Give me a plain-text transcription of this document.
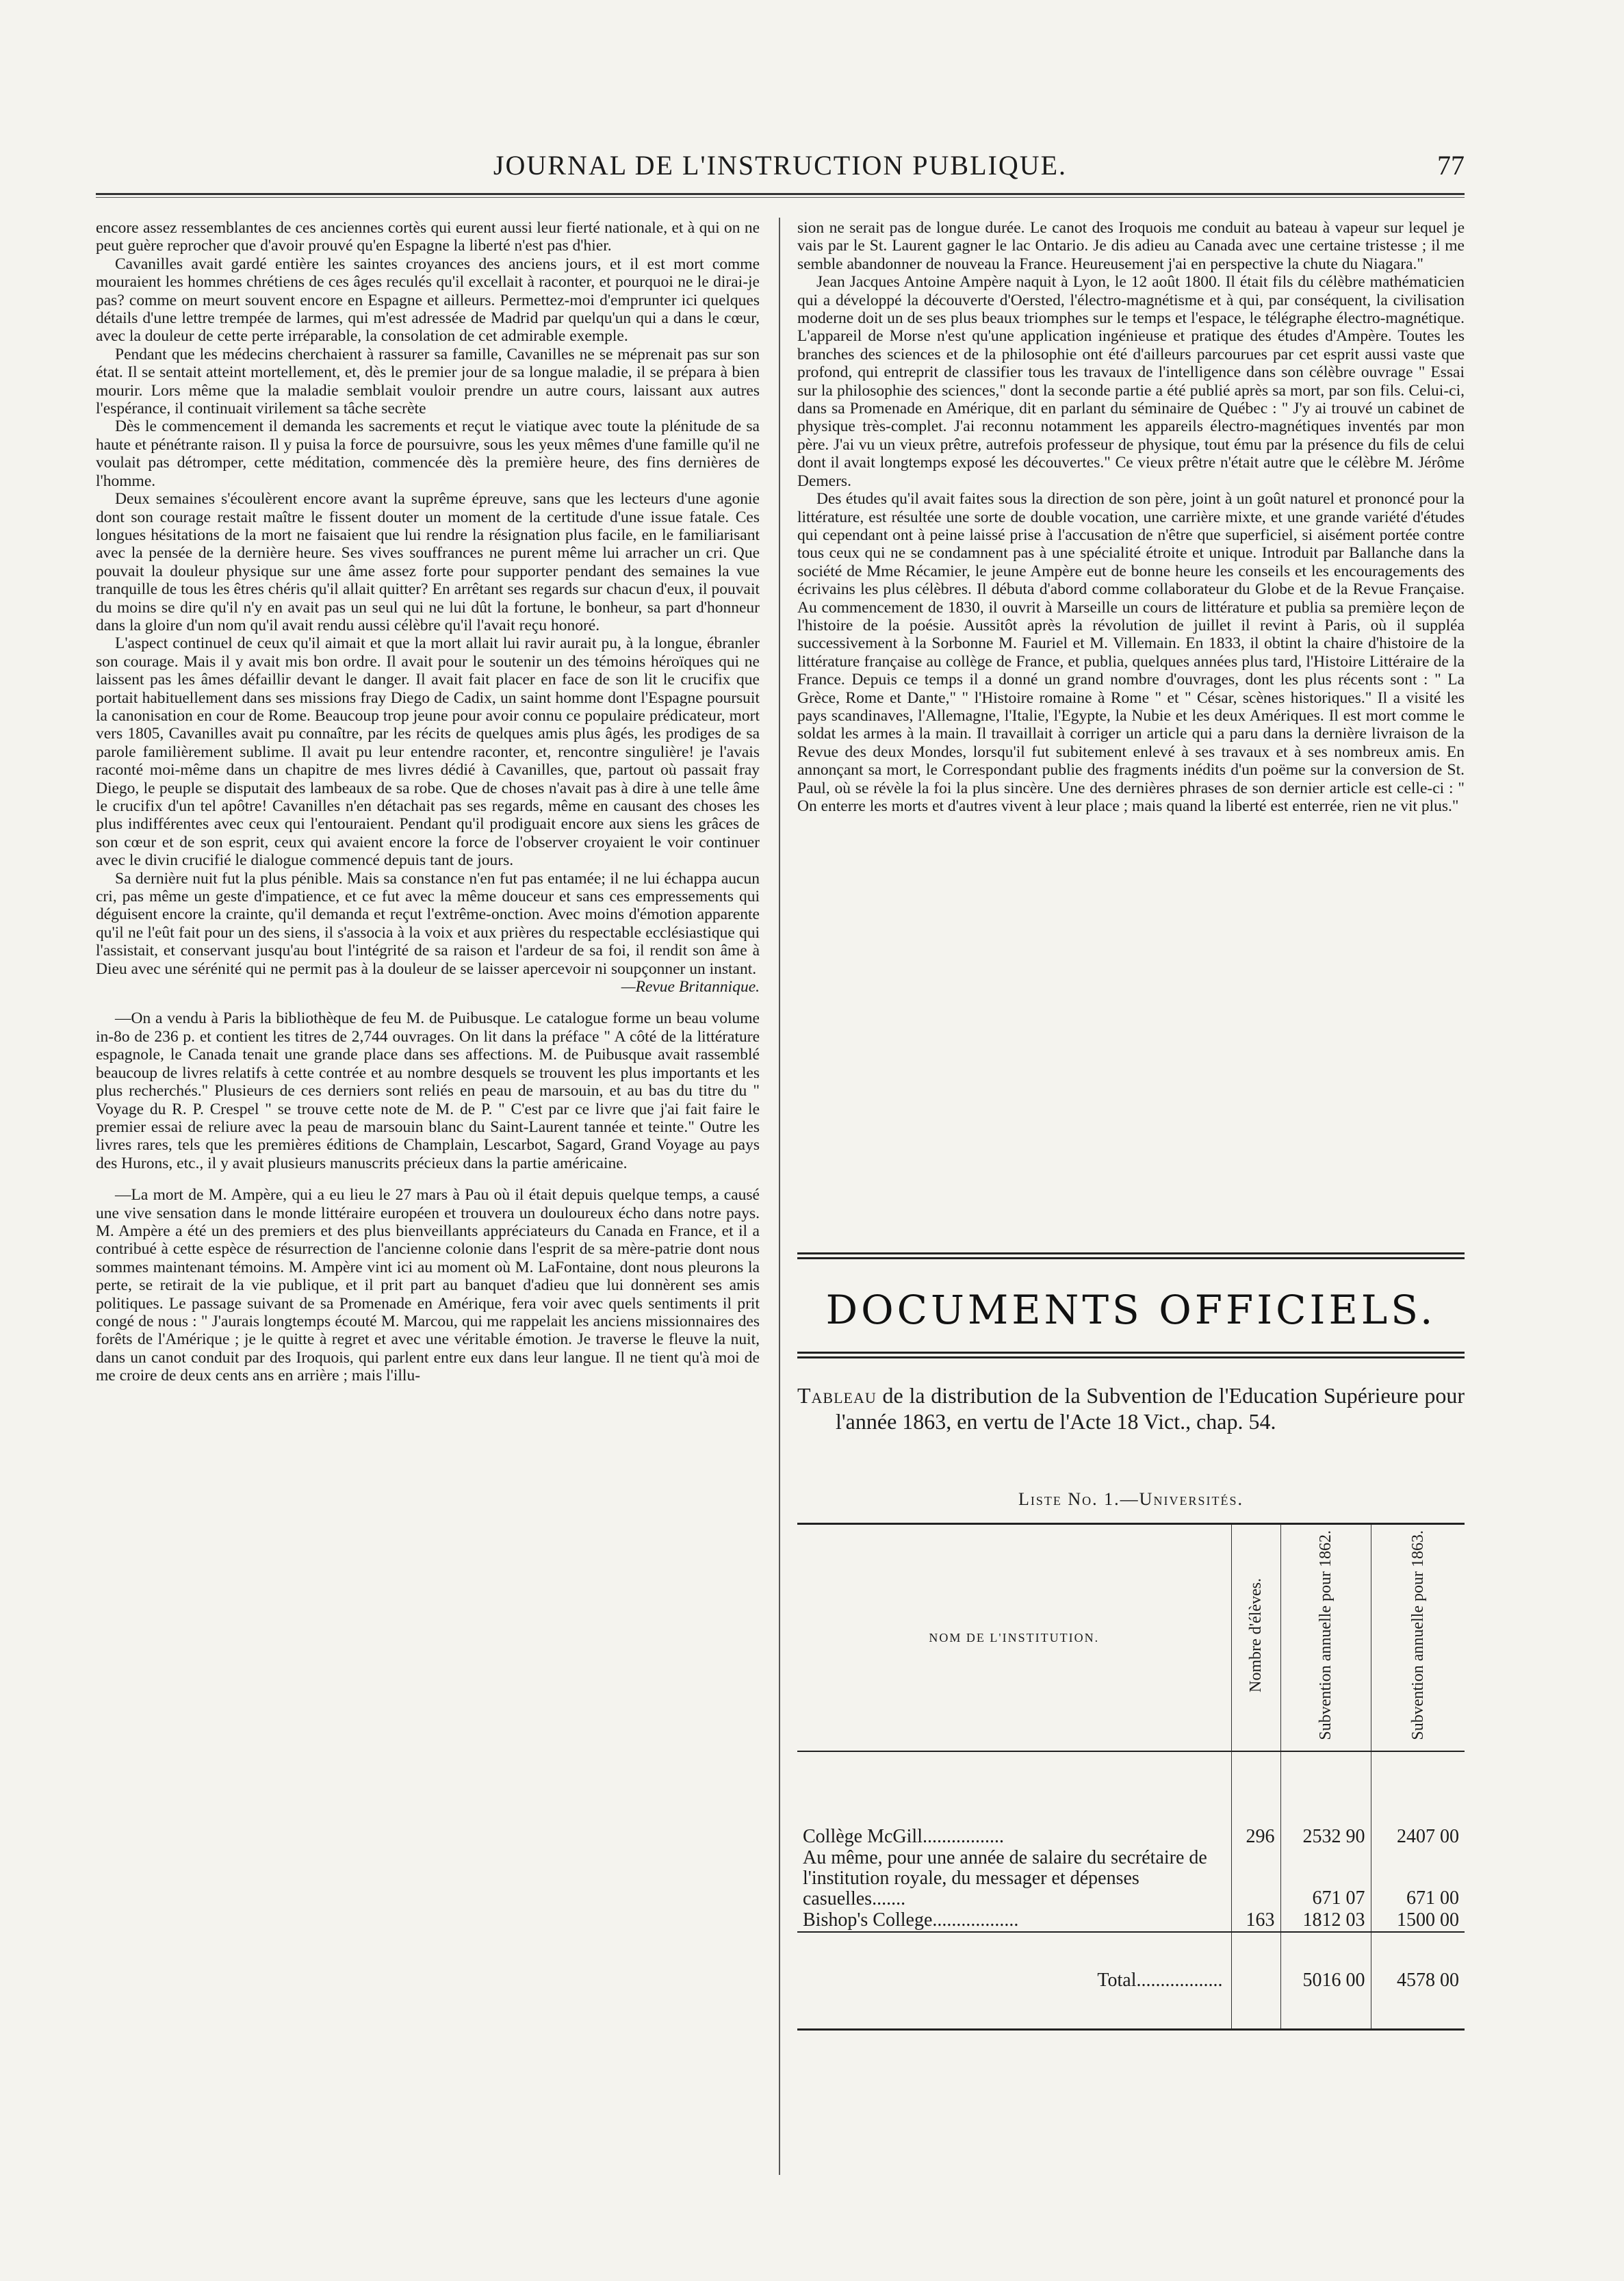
JOURNAL DE L'INSTRUCTION PUBLIQUE.	77

encore assez ressemblantes de ces anciennes cortès qui eurent aussi leur fierté nationale, et à qui on ne peut guère reprocher que d'avoir prouvé qu'en Espagne la liberté n'est pas d'hier.

Cavanilles avait gardé entière les saintes croyances des anciens jours, et il est mort comme mouraient les hommes chrétiens de ces âges reculés qu'il excellait à raconter, et pourquoi ne le dirai-je pas? comme on meurt souvent encore en Espagne et ailleurs. Permettez-moi d'emprunter ici quelques détails d'une lettre trempée de larmes, qui m'est adressée de Madrid par quelqu'un qui a dans le cœur, avec la douleur de cette perte irréparable, la consolation de cet admirable exemple.

Pendant que les médecins cherchaient à rassurer sa famille, Cavanilles ne se méprenait pas sur son état. Il se sentait atteint mortellement, et, dès le premier jour de sa longue maladie, il se prépara à bien mourir. Lors même que la maladie semblait vouloir prendre un autre cours, laissant aux autres l'espérance, il continuait virilement sa tâche secrète

Dès le commencement il demanda les sacrements et reçut le viatique avec toute la plénitude de sa haute et pénétrante raison. Il y puisa la force de poursuivre, sous les yeux mêmes d'une famille qu'il ne voulait pas détromper, cette méditation, commencée dès la première heure, des fins dernières de l'homme.

Deux semaines s'écoulèrent encore avant la suprême épreuve, sans que les lecteurs d'une agonie dont son courage restait maître le fissent douter un moment de la certitude d'une issue fatale. Ces longues hésitations de la mort ne faisaient que lui rendre la résignation plus facile, en le familiarisant avec la pensée de la dernière heure. Ses vives souffrances ne purent même lui arracher un cri. Que pouvait la douleur physique sur une âme assez forte pour supporter pendant des semaines la vue tranquille de tous les êtres chéris qu'il allait quitter? En arrêtant ses regards sur chacun d'eux, il pouvait du moins se dire qu'il n'y en avait pas un seul qui ne lui dût la fortune, le bonheur, sa part d'honneur dans la gloire d'un nom qu'il avait rendu aussi célèbre qu'il l'avait reçu honoré.

L'aspect continuel de ceux qu'il aimait et que la mort allait lui ravir aurait pu, à la longue, ébranler son courage. Mais il y avait mis bon ordre. Il avait pour le soutenir un des témoins héroïques qui ne laissent pas les âmes défaillir devant le danger. Il avait fait placer en face de son lit le crucifix que portait habituellement dans ses missions fray Diego de Cadix, un saint homme dont l'Espagne poursuit la canonisation en cour de Rome. Beaucoup trop jeune pour avoir connu ce populaire prédicateur, mort vers 1805, Cavanilles avait pu connaître, par les récits de quelques amis plus âgés, les prodiges de sa parole familièrement sublime. Il avait pu leur entendre raconter, et, rencontre singulière! je l'avais raconté moi-même dans un chapitre de mes livres dédié à Cavanilles, que, partout où passait fray Diego, le peuple se disputait des lambeaux de sa robe. Que de choses n'avait pas à dire à une telle âme le crucifix d'un tel apôtre! Cavanilles n'en détachait pas ses regards, même en causant des choses les plus indifférentes avec ceux qui l'entouraient. Pendant qu'il prodiguait encore aux siens les grâces de son cœur et de son esprit, ceux qui avaient encore la force de l'observer croyaient le voir continuer avec le divin crucifié le dialogue commencé depuis tant de jours.

Sa dernière nuit fut la plus pénible. Mais sa constance n'en fut pas entamée; il ne lui échappa aucun cri, pas même un geste d'impatience, et ce fut avec la même douceur et sans ces empressements qui déguisent encore la crainte, qu'il demanda et reçut l'extrême-onction. Avec moins d'émotion apparente qu'il ne l'eût fait pour un des siens, il s'associa à la voix et aux prières du respectable ecclésiastique qui l'assistait, et conservant jusqu'au bout l'intégrité de sa raison et l'ardeur de sa foi, il rendit son âme à Dieu avec une sérénité qui ne permit pas à la douleur de se laisser apercevoir ni soupçonner un instant.

—Revue Britannique.

—On a vendu à Paris la bibliothèque de feu M. de Puibusque. Le catalogue forme un beau volume in-8o de 236 p. et contient les titres de 2,744 ouvrages. On lit dans la préface " A côté de la littérature espagnole, le Canada tenait une grande place dans ses affections. M. de Puibusque avait rassemblé beaucoup de livres relatifs à cette contrée et au nombre desquels se trouvent les plus importants et les plus recherchés." Plusieurs de ces derniers sont reliés en peau de marsouin, et au bas du titre du " Voyage du R. P. Crespel " se trouve cette note de M. de P. " C'est par ce livre que j'ai fait faire le premier essai de reliure avec la peau de marsouin blanc du Saint-Laurent tannée et teinte." Outre les livres rares, tels que les premières éditions de Champlain, Lescarbot, Sagard, Grand Voyage au pays des Hurons, etc., il y avait plusieurs manuscrits précieux dans la partie américaine.

—La mort de M. Ampère, qui a eu lieu le 27 mars à Pau où il était depuis quelque temps, a causé une vive sensation dans le monde littéraire européen et trouvera un douloureux écho dans notre pays. M. Ampère a été un des premiers et des plus bienveillants appréciateurs du Canada en France, et il a contribué à cette espèce de résurrection de l'ancienne colonie dans l'esprit de sa mère-patrie dont nous sommes maintenant témoins. M. Ampère vint ici au moment où M. LaFontaine, dont nous pleurons la perte, se retirait de la vie publique, et il prit part au banquet d'adieu que lui donnèrent ses amis politiques. Le passage suivant de sa Promenade en Amérique, fera voir avec quels sentiments il prit congé de nous : " J'aurais longtemps écouté M. Marcou, qui me rappelait les anciens missionnaires des forêts de l'Amérique ; je le quitte à regret et avec une véritable émotion. Je traverse le fleuve la nuit, dans un canot conduit par des Iroquois, qui parlent entre eux dans leur langue. Il ne tient qu'à moi de me croire de deux cents ans en arrière ; mais l'illu-

sion ne serait pas de longue durée. Le canot des Iroquois me conduit au bateau à vapeur sur lequel je vais par le St. Laurent gagner le lac Ontario. Je dis adieu au Canada avec une certaine tristesse ; il me semble abandonner de nouveau la France. Heureusement j'ai en perspective la chute du Niagara."

Jean Jacques Antoine Ampère naquit à Lyon, le 12 août 1800. Il était fils du célèbre mathématicien qui a développé la découverte d'Oersted, l'électro-magnétisme et à qui, par conséquent, la civilisation moderne doit un de ses plus beaux triomphes sur le temps et l'espace, le télégraphe électro-magnétique. L'appareil de Morse n'est qu'une application ingénieuse et pratique des études d'Ampère. Toutes les branches des sciences et de la philosophie ont été d'ailleurs parcourues par cet esprit aussi vaste que profond, qui entreprit de classifier tous les travaux de l'intelligence dans son célèbre ouvrage " Essai sur la philosophie des sciences," dont la seconde partie a été publié après sa mort, par son fils. Celui-ci, dans sa Promenade en Amérique, dit en parlant du séminaire de Québec : " J'y ai trouvé un cabinet de physique très-complet. J'ai reconnu notamment les appareils électro-magnétiques inventés par mon père. J'ai vu un vieux prêtre, autrefois professeur de physique, tout ému par la présence du fils de celui dont il avait longtemps exposé les découvertes." Ce vieux prêtre n'était autre que le célèbre M. Jérôme Demers.

Des études qu'il avait faites sous la direction de son père, joint à un goût naturel et prononcé pour la littérature, est résultée une sorte de double vocation, une carrière mixte, et une grande variété d'études qui cependant ont à peine laissé prise à l'accusation de n'être que superficiel, si aisément portée contre tous ceux qui ne se condamnent pas à une spécialité étroite et unique. Introduit par Ballanche dans la société de Mme Récamier, le jeune Ampère eut de bonne heure les conseils et les encouragements des écrivains les plus célèbres. Il débuta d'abord comme collaborateur du Globe et de la Revue Française. Au commencement de 1830, il ouvrit à Marseille un cours de littérature et publia sa première leçon de l'histoire de la poésie. Aussitôt après la révolution de juillet il revint à Paris, où il suppléa successivement à la Sorbonne M. Fauriel et M. Villemain. En 1833, il obtint la chaire d'histoire de la littérature française au collège de France, et publia, quelques années plus tard, l'Histoire Littéraire de la France. Depuis ce temps il a donné un grand nombre d'ouvrages, dont les plus récents sont : " La Grèce, Rome et Dante," " l'Histoire romaine à Rome " et " César, scènes historiques." Il a visité les pays scandinaves, l'Allemagne, l'Italie, l'Egypte, la Nubie et les deux Amériques. Il est mort comme le soldat les armes à la main. Il travaillait à corriger un article qui a paru dans la dernière livraison de la Revue des deux Mondes, lorsqu'il fut subitement enlevé à ses travaux et à ses nombreux amis. En annonçant sa mort, le Correspondant publie des fragments inédits d'un poëme sur la conversion de St. Paul, où se révèle la foi la plus sincère. Une des dernières phrases de son dernier article est celle-ci : " On enterre les morts et d'autres vivent à leur place ; mais quand la liberté est enterrée, rien ne vit plus."

DOCUMENTS OFFICIELS.
Tableau de la distribution de la Subvention de l'Education Supérieure pour l'année 1863, en vertu de l'Acte 18 Vict., chap. 54.
Liste No. 1.—Universités.
NOM DE L'INSTITUTION.	Nombre d'élèves.	Subvention annuelle pour 1862.	Subvention annuelle pour 1863.

Collège McGill.................	296	2532 90	2407 00
Au même, pour une année de salaire du secrétaire de l'institution royale, du messager et dépenses casuelles.......		671 07	671 00
Bishop's College..................	163	1812 03	1500 00
Total..................		5016 00	4578 00
